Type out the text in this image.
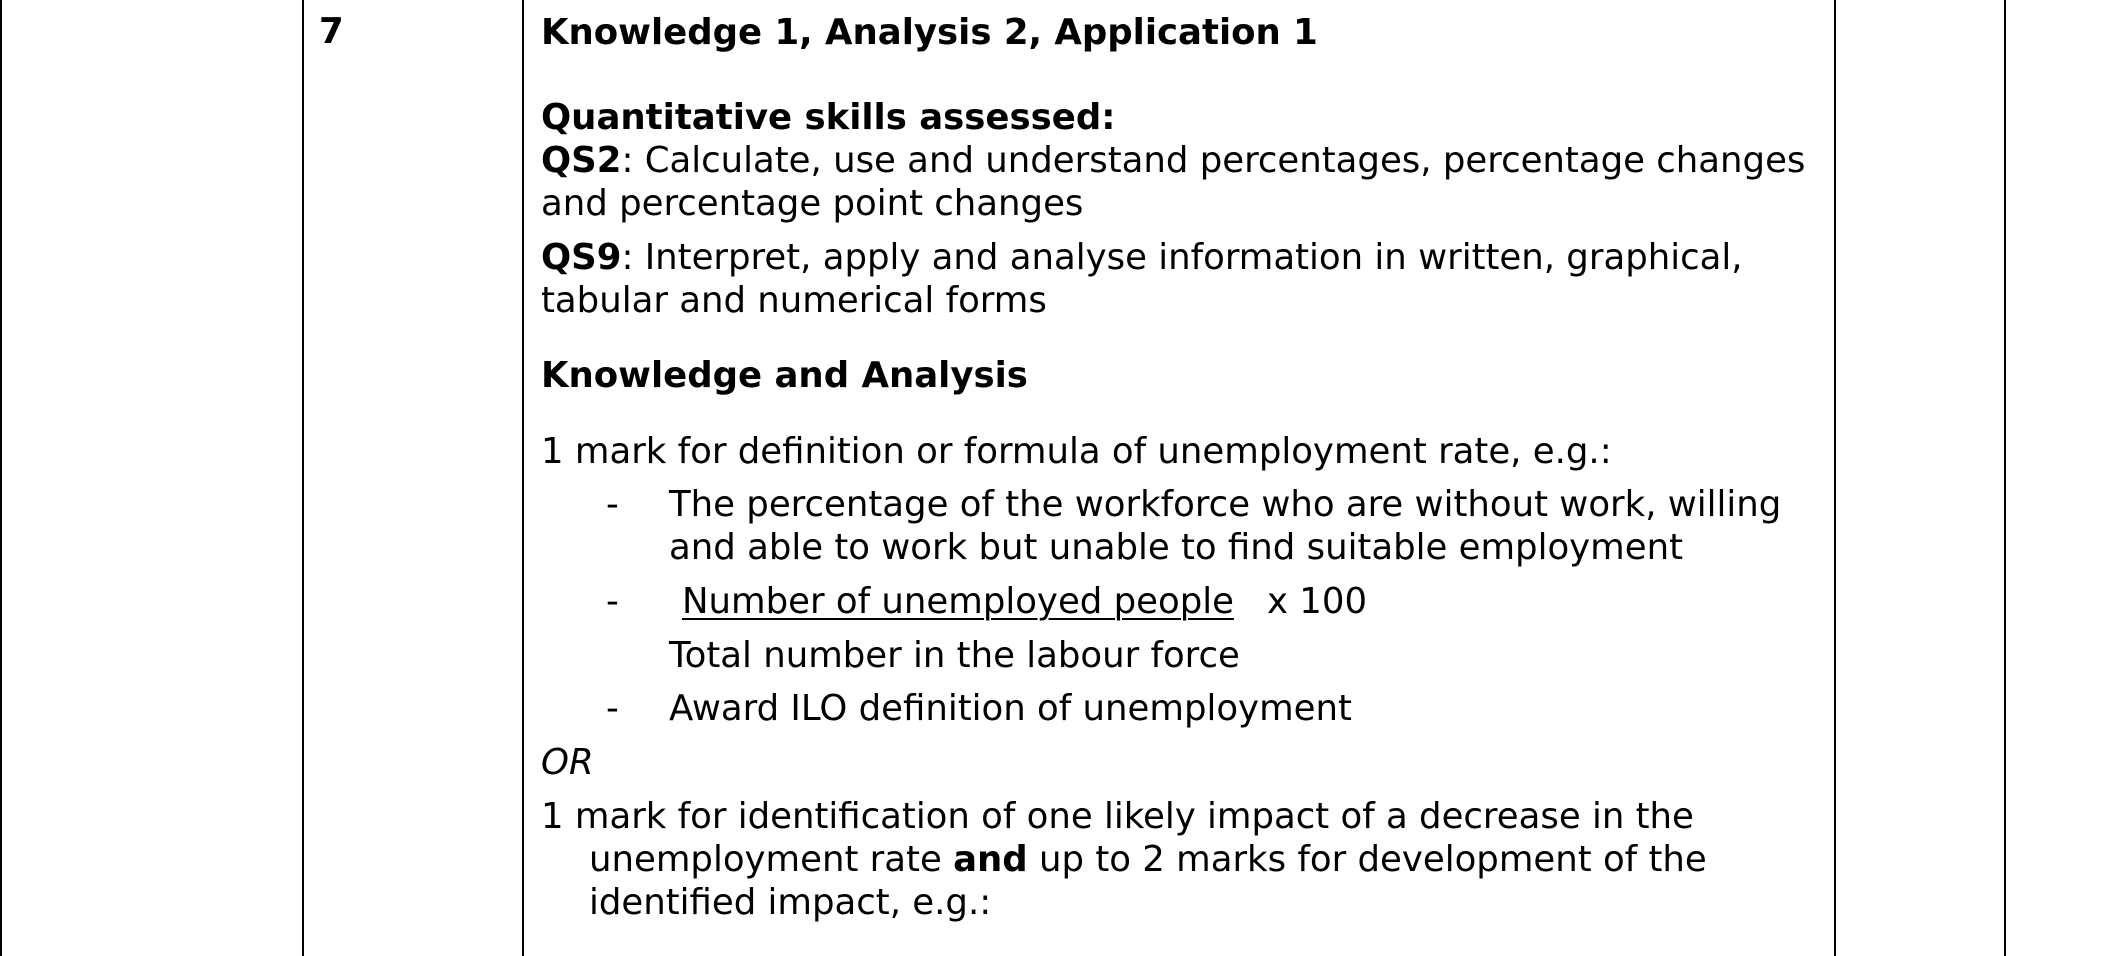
7	Knowledge 1, Analysis 2, Application 1
Quantitative skills assessed:
QS2: Calculate, use and understand percentages, percentage changes
and percentage point changes
QS9: Interpret, apply and analyse information in written, graphical,
tabular and numerical forms
Knowledge and Analysis
1 mark for definition or formula of unemployment rate, e.g.:
- The percentage of the workforce who are without work, willing
and able to work but unable to find suitable employment
- Number of unemployed people x 100
Total number in the labour force
- Award ILO definition of unemployment
OR
1 mark for identification of one likely impact of a decrease in the
unemployment rate and up to 2 marks for development of the
identified impact, e.g.:
